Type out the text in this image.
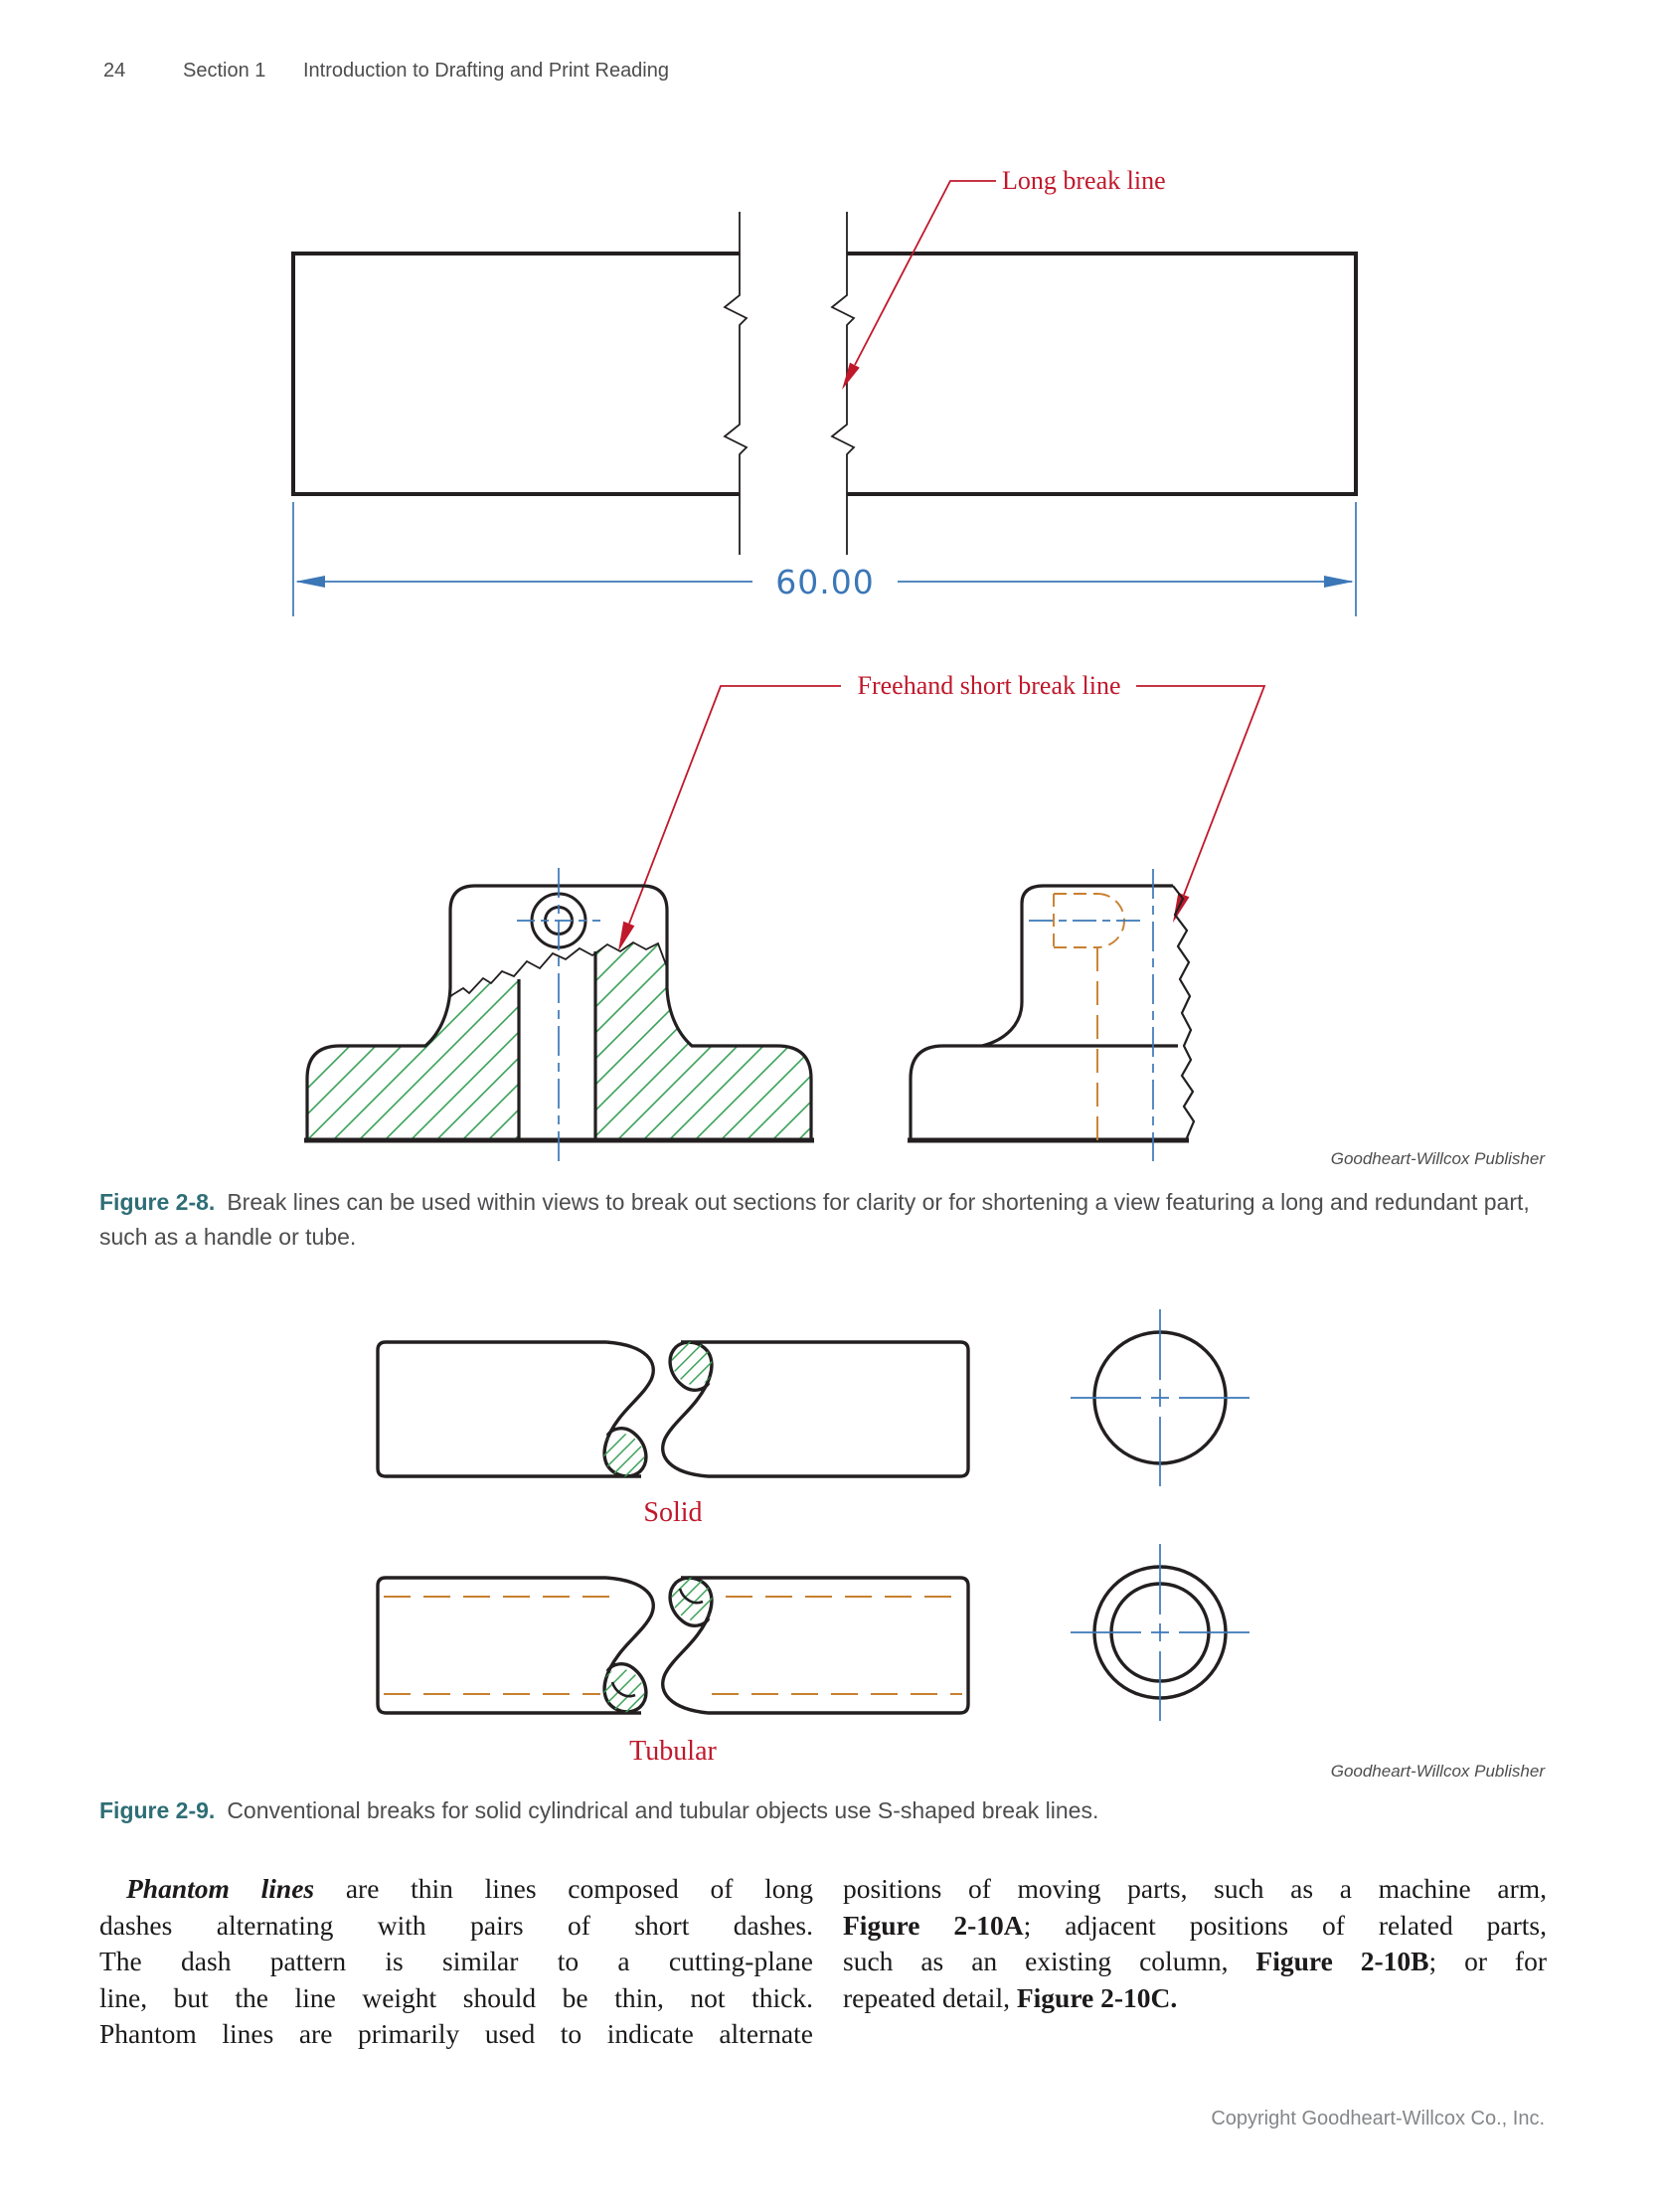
24	Section 1 Introduction to Drafting and Print Reading
Long break line
60.00
Freehand short break line
Solid
Tubular
Goodheart-Willcox Publisher
Goodheart-Willcox Publisher
Figure 2-8. Break lines can be used within views to break out sections for clarity or for shortening a view featuring a long and redundant part, such as a handle or tube.
Figure 2-9. Conventional breaks for solid cylindrical and tubular objects use S-shaped break lines.
Phantom lines are thin lines composed of long
dashes alternating with pairs of short dashes.
The dash pattern is similar to a cutting-plane
line, but the line weight should be thin, not thick.
Phantom lines are primarily used to indicate alternate
positions of moving parts, such as a machine arm,
Figure 2-10A; adjacent positions of related parts,
such as an existing column, Figure 2-10B; or for
repeated detail, Figure 2-10C.
Copyright Goodheart-Willcox Co., Inc.
